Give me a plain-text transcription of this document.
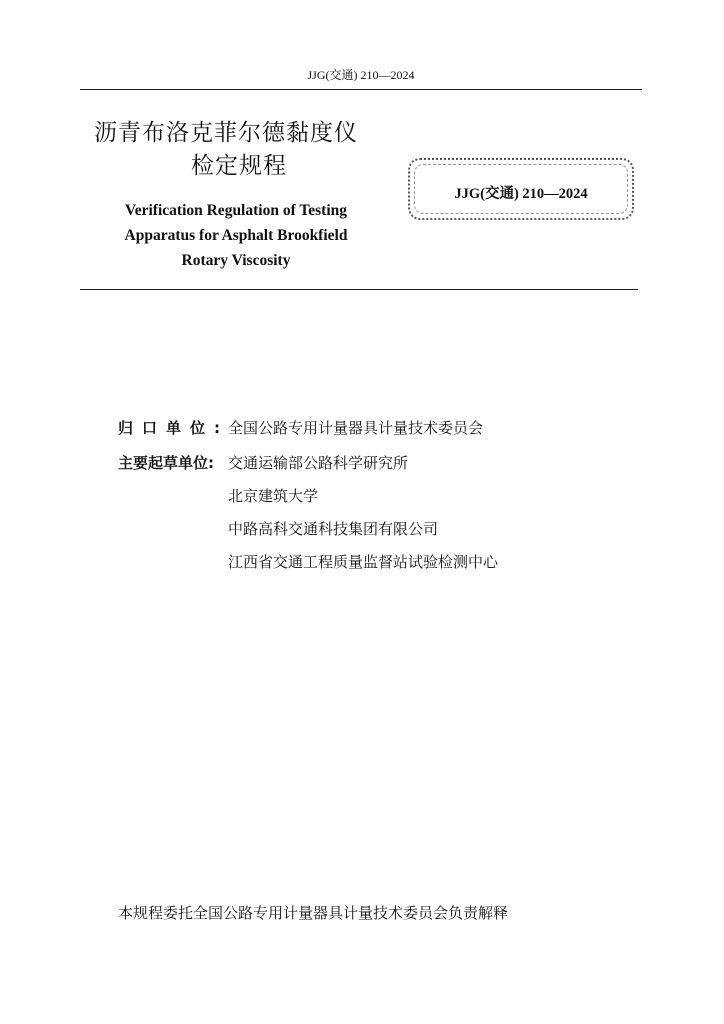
JJG(交通) 210—2024
沥青布洛克菲尔德黏度仪
检定规程
Verification Regulation of Testing
Apparatus for Asphalt Brookfield
Rotary Viscosity
JJG(交通) 210—2024
归口单位:全国公路专用计量器具计量技术委员会
主要起草单位: 交通运输部公路科学研究所
北京建筑大学
中路高科交通科技集团有限公司
江西省交通工程质量监督站试验检测中心
本规程委托全国公路专用计量器具计量技术委员会负责解释
